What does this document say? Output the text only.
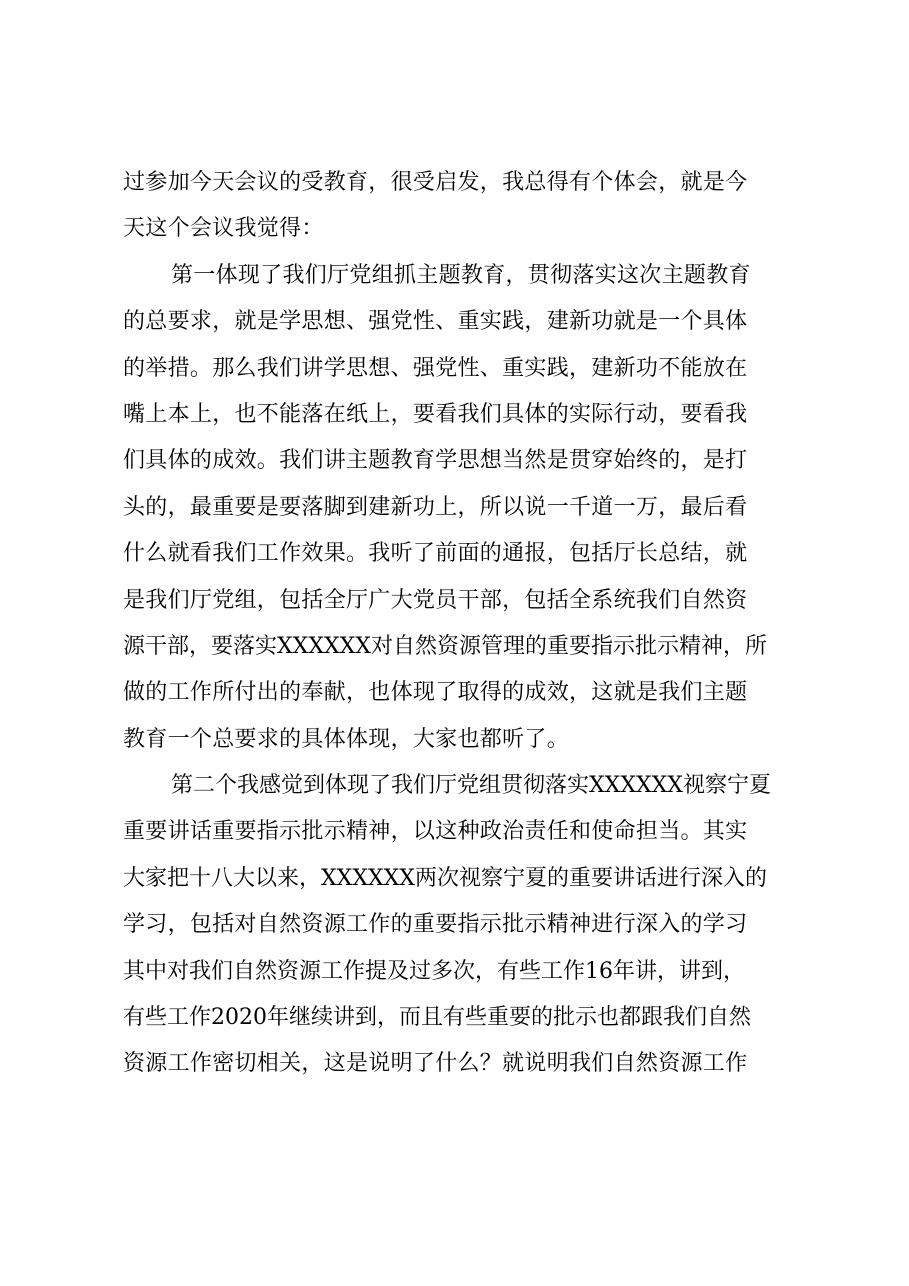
过参加今天会议的受教育，很受启发，我总得有个体会，就是今
天这个会议我觉得：
第一体现了我们厅党组抓主题教育，贯彻落实这次主题教育
的总要求，就是学思想、强党性、重实践，建新功就是一个具体
的举措。那么我们讲学思想、强党性、重实践，建新功不能放在
嘴上本上，也不能落在纸上，要看我们具体的实际行动，要看我
们具体的成效。我们讲主题教育学思想当然是贯穿始终的，是打
头的，最重要是要落脚到建新功上，所以说一千道一万，最后看
什么就看我们工作效果。我听了前面的通报，包括厅长总结，就
是我们厅党组，包括全厅广大党员干部，包括全系统我们自然资
源干部，要落实XXXXXX对自然资源管理的重要指示批示精神，所
做的工作所付出的奉献，也体现了取得的成效，这就是我们主题
教育一个总要求的具体体现，大家也都听了。
第二个我感觉到体现了我们厅党组贯彻落实XXXXXX视察宁夏
重要讲话重要指示批示精神，以这种政治责任和使命担当。其实
大家把十八大以来，XXXXXX两次视察宁夏的重要讲话进行深入的
学习，包括对自然资源工作的重要指示批示精神进行深入的学习
其中对我们自然资源工作提及过多次，有些工作16年讲，讲到，
有些工作2020年继续讲到，而且有些重要的批示也都跟我们自然
资源工作密切相关，这是说明了什么？就说明我们自然资源工作
